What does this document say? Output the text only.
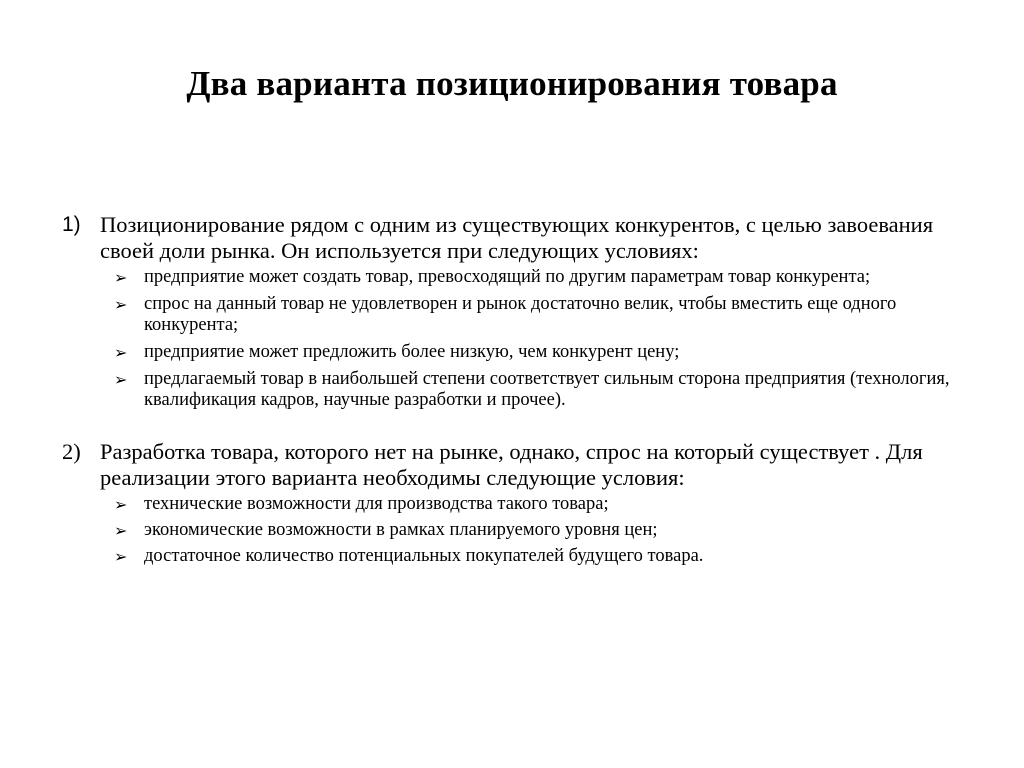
Два варианта позиционирования товара

1) Позиционирование рядом с одним из существующих конкурентов, с целью завоевания своей доли рынка. Он используется при следующих условиях:

➢ предприятие может создать товар, превосходящий по другим параметрам товар конкурента;
➢ спрос на данный товар не удовлетворен и рынок достаточно велик, чтобы вместить еще одного конкурента;
➢ предприятие может предложить более низкую, чем конкурент цену;
➢ предлагаемый товар в наибольшей степени соответствует сильным сторона предприятия (технология, квалификация кадров, научные разработки и прочее).

2) Разработка товара, которого нет на рынке, однако, спрос на который существует . Для реализации этого варианта необходимы следующие условия:

➢ технические возможности для производства такого товара;
➢ экономические возможности в рамках планируемого уровня цен;
➢ достаточное количество потенциальных покупателей будущего товара.
